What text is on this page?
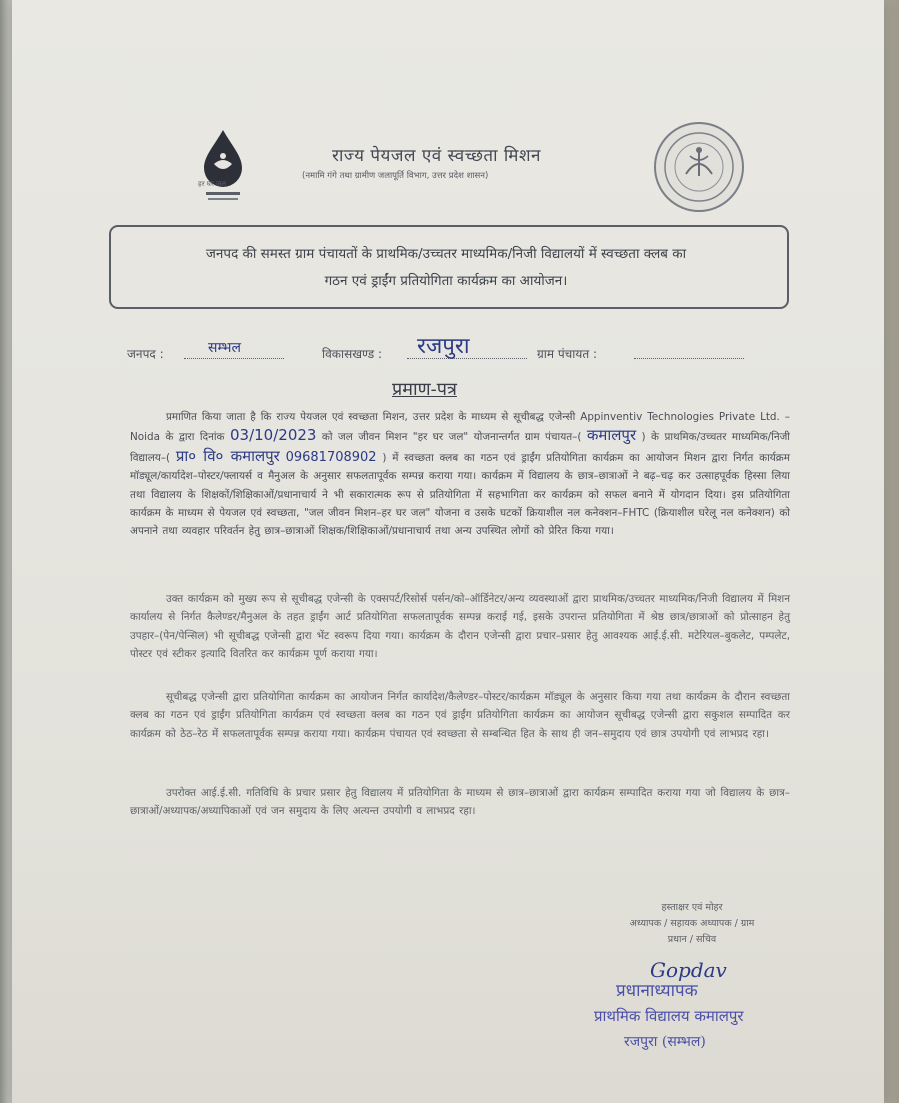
हर घर जल
राज्य पेयजल एवं स्वच्छता मिशन
(नमामि गंगे तथा ग्रामीण जलापूर्ति विभाग, उत्तर प्रदेश शासन)
जनपद की समस्त ग्राम पंचायतों के प्राथमिक/उच्चतर माध्यमिक/निजी विद्यालयों में स्वच्छता क्लब का
गठन एवं ड्राईंग प्रतियोगिता कार्यक्रम का आयोजन।
जनपद :	सम्भल	विकासखण्ड : रजपुरा	ग्राम पंचायत :
प्रमाण-पत्र
प्रमाणित किया जाता है कि राज्य पेयजल एवं स्वच्छता मिशन, उत्तर प्रदेश के माध्यम से सूचीबद्ध एजेन्सी Appinventiv Technologies Private Ltd. – Noida के द्वारा दिनांक 03/10/2023 को जल जीवन मिशन "हर घर जल" योजनान्तर्गत ग्राम पंचायत–( कमालपुर ) के प्राथमिक/उच्चतर माध्यमिक/निजी विद्यालय–( प्रा० वि० कमालपुर 09681708902 ) में स्वच्छता क्लब का गठन एवं ड्राईंग प्रतियोगिता कार्यक्रम का आयोजन मिशन द्वारा निर्गत कार्यक्रम मॉड्यूल/कार्यादेश–पोस्टर/फ्लायर्स व मैनुअल के अनुसार सफलतापूर्वक सम्पन्न कराया गया। कार्यक्रम में विद्यालय के छात्र–छात्राओं ने बढ़–चढ़ कर उत्साहपूर्वक हिस्सा लिया तथा विद्यालय के शिक्षकों/शिक्षिकाओं/प्रधानाचार्य ने भी सकारात्मक रूप से प्रतियोगिता में सहभागिता कर कार्यक्रम को सफल बनाने में योगदान दिया। इस प्रतियोगिता कार्यक्रम के माध्यम से पेयजल एवं स्वच्छता, "जल जीवन मिशन–हर घर जल" योजना व उसके घटकों क्रियाशील नल कनेक्शन–FHTC (क्रियाशील घरेलू नल कनेक्शन) को अपनाने तथा व्यवहार परिवर्तन हेतु छात्र–छात्राओं शिक्षक/शिक्षिकाओं/प्रधानाचार्य तथा अन्य उपस्थित लोगों को प्रेरित किया गया।
उक्त कार्यक्रम को मुख्य रूप से सूचीबद्ध एजेन्सी के एक्सपर्ट/रिसोर्स पर्सन/को–ऑर्डिनेटर/अन्य व्यवस्थाओं द्वारा प्राथमिक/उच्चतर माध्यमिक/निजी विद्यालय में मिशन कार्यालय से निर्गत कैलेण्डर/मैनुअल के तहत ड्राईंग आर्ट प्रतियोगिता सफलतापूर्वक सम्पन्न कराई गई, इसके उपरान्त प्रतियोगिता में श्रेष्ठ छात्र/छात्राओं को प्रोत्साहन हेतु उपहार–(पेन/पेन्सिल) भी सूचीबद्ध एजेन्सी द्वारा भेंट स्वरूप दिया गया। कार्यक्रम के दौरान एजेन्सी द्वारा प्रचार–प्रसार हेतु आवश्यक आई.ई.सी. मटेरियल–बुकलेट, पम्पलेट, पोस्टर एवं स्टीकर इत्यादि वितरित कर कार्यक्रम पूर्ण कराया गया।
सूचीबद्ध एजेन्सी द्वारा प्रतियोगिता कार्यक्रम का आयोजन निर्गत कार्यादेश/कैलेण्डर–पोस्टर/कार्यक्रम मॉड्यूल के अनुसार किया गया तथा कार्यक्रम के दौरान स्वच्छता क्लब का गठन एवं ड्राईंग प्रतियोगिता कार्यक्रम एवं स्वच्छता क्लब का गठन एवं ड्राईंग प्रतियोगिता कार्यक्रम का आयोजन सूचीबद्ध एजेन्सी द्वारा सकुशल सम्पादित कर कार्यक्रम को ठेठ–रेठ में सफलतापूर्वक सम्पन्न कराया गया। कार्यक्रम पंचायत एवं स्वच्छता से सम्बन्धित हित के साथ ही जन–समुदाय एवं छात्र उपयोगी एवं लाभप्रद रहा।
उपरोक्त आई.ई.सी. गतिविधि के प्रचार प्रसार हेतु विद्यालय में प्रतियोगिता के माध्यम से छात्र–छात्राओं द्वारा कार्यक्रम सम्पादित कराया गया जो विद्यालय के छात्र–छात्राओं/अध्यापक/अध्यापिकाओं एवं जन समुदाय के लिए अत्यन्त उपयोगी व लाभप्रद रहा।
हस्ताक्षर एवं मोहर
अध्यापक / सहायक अध्यापक / ग्राम
प्रधान / सचिव
Gopdav
प्रधानाध्यापक
प्राथमिक विद्यालय कमालपुर
रजपुरा (सम्भल)
